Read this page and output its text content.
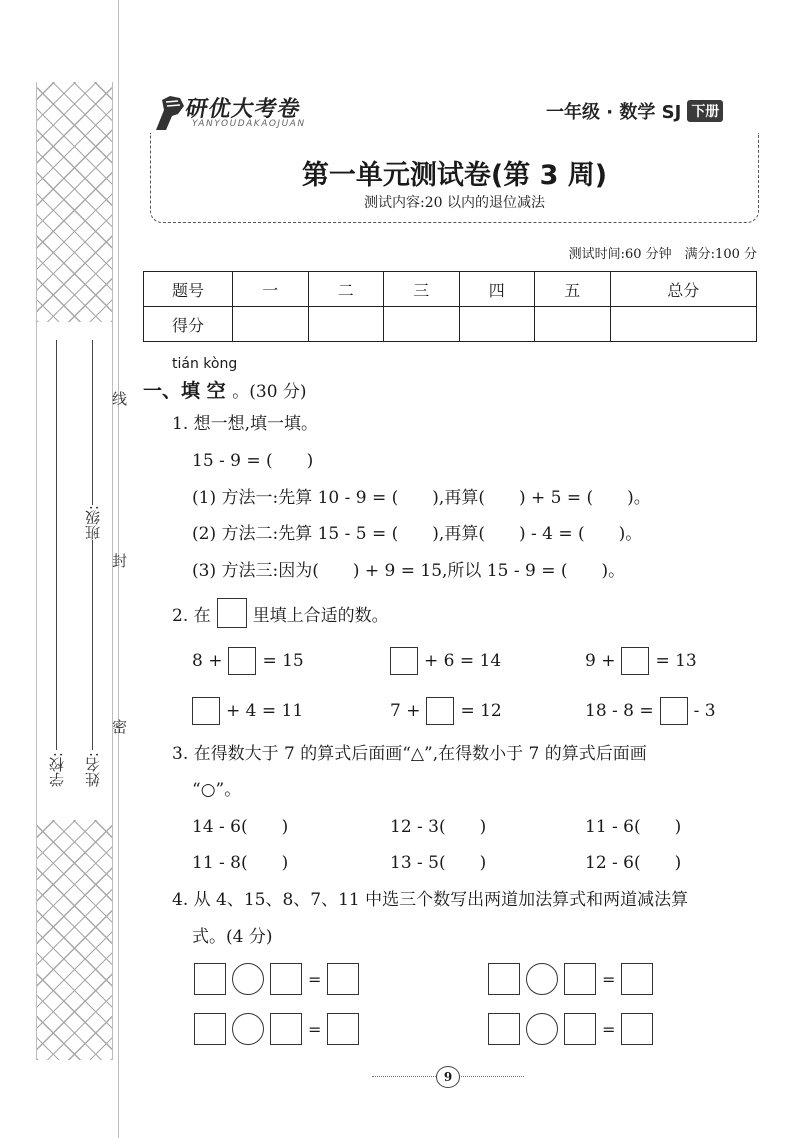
学校: 姓名:
班级:
线
封
密
研优大考卷
YANYOUDAKAOJUAN
一年级 · 数学 SJ 下册
第一单元测试卷(第 3 周)
测试内容:20 以内的退位减法
测试时间:60 分钟　满分:100 分
题号	一	二	三	四	五	总分
得分						
tián kòng
一、填 空 。(30 分)
1. 想一想,填一填。
15 - 9 = (　　)
(1) 方法一:先算 10 - 9 = (　　),再算(　　) + 5 = (　　)。
(2) 方法二:先算 15 - 5 = (　　),再算(　　) - 4 = (　　)。
(3) 方法三:因为(　　) + 9 = 15,所以 15 - 9 = (　　)。
2. 在 里填上合适的数。
8 + = 15	+ 6 = 14	9 + = 13
+ 4 = 11	7 + = 12	18 - 8 = - 3
3. 在得数大于 7 的算式后面画“△”,在得数小于 7 的算式后面画
“○”。
14 - 6(　　)	12 - 3(　　)	11 - 6(　　)
11 - 8(　　)	13 - 5(　　)	12 - 6(　　)
4. 从 4、15、8、7、11 中选三个数写出两道加法算式和两道减法算
式。(4 分)
=	=
=	=
9
